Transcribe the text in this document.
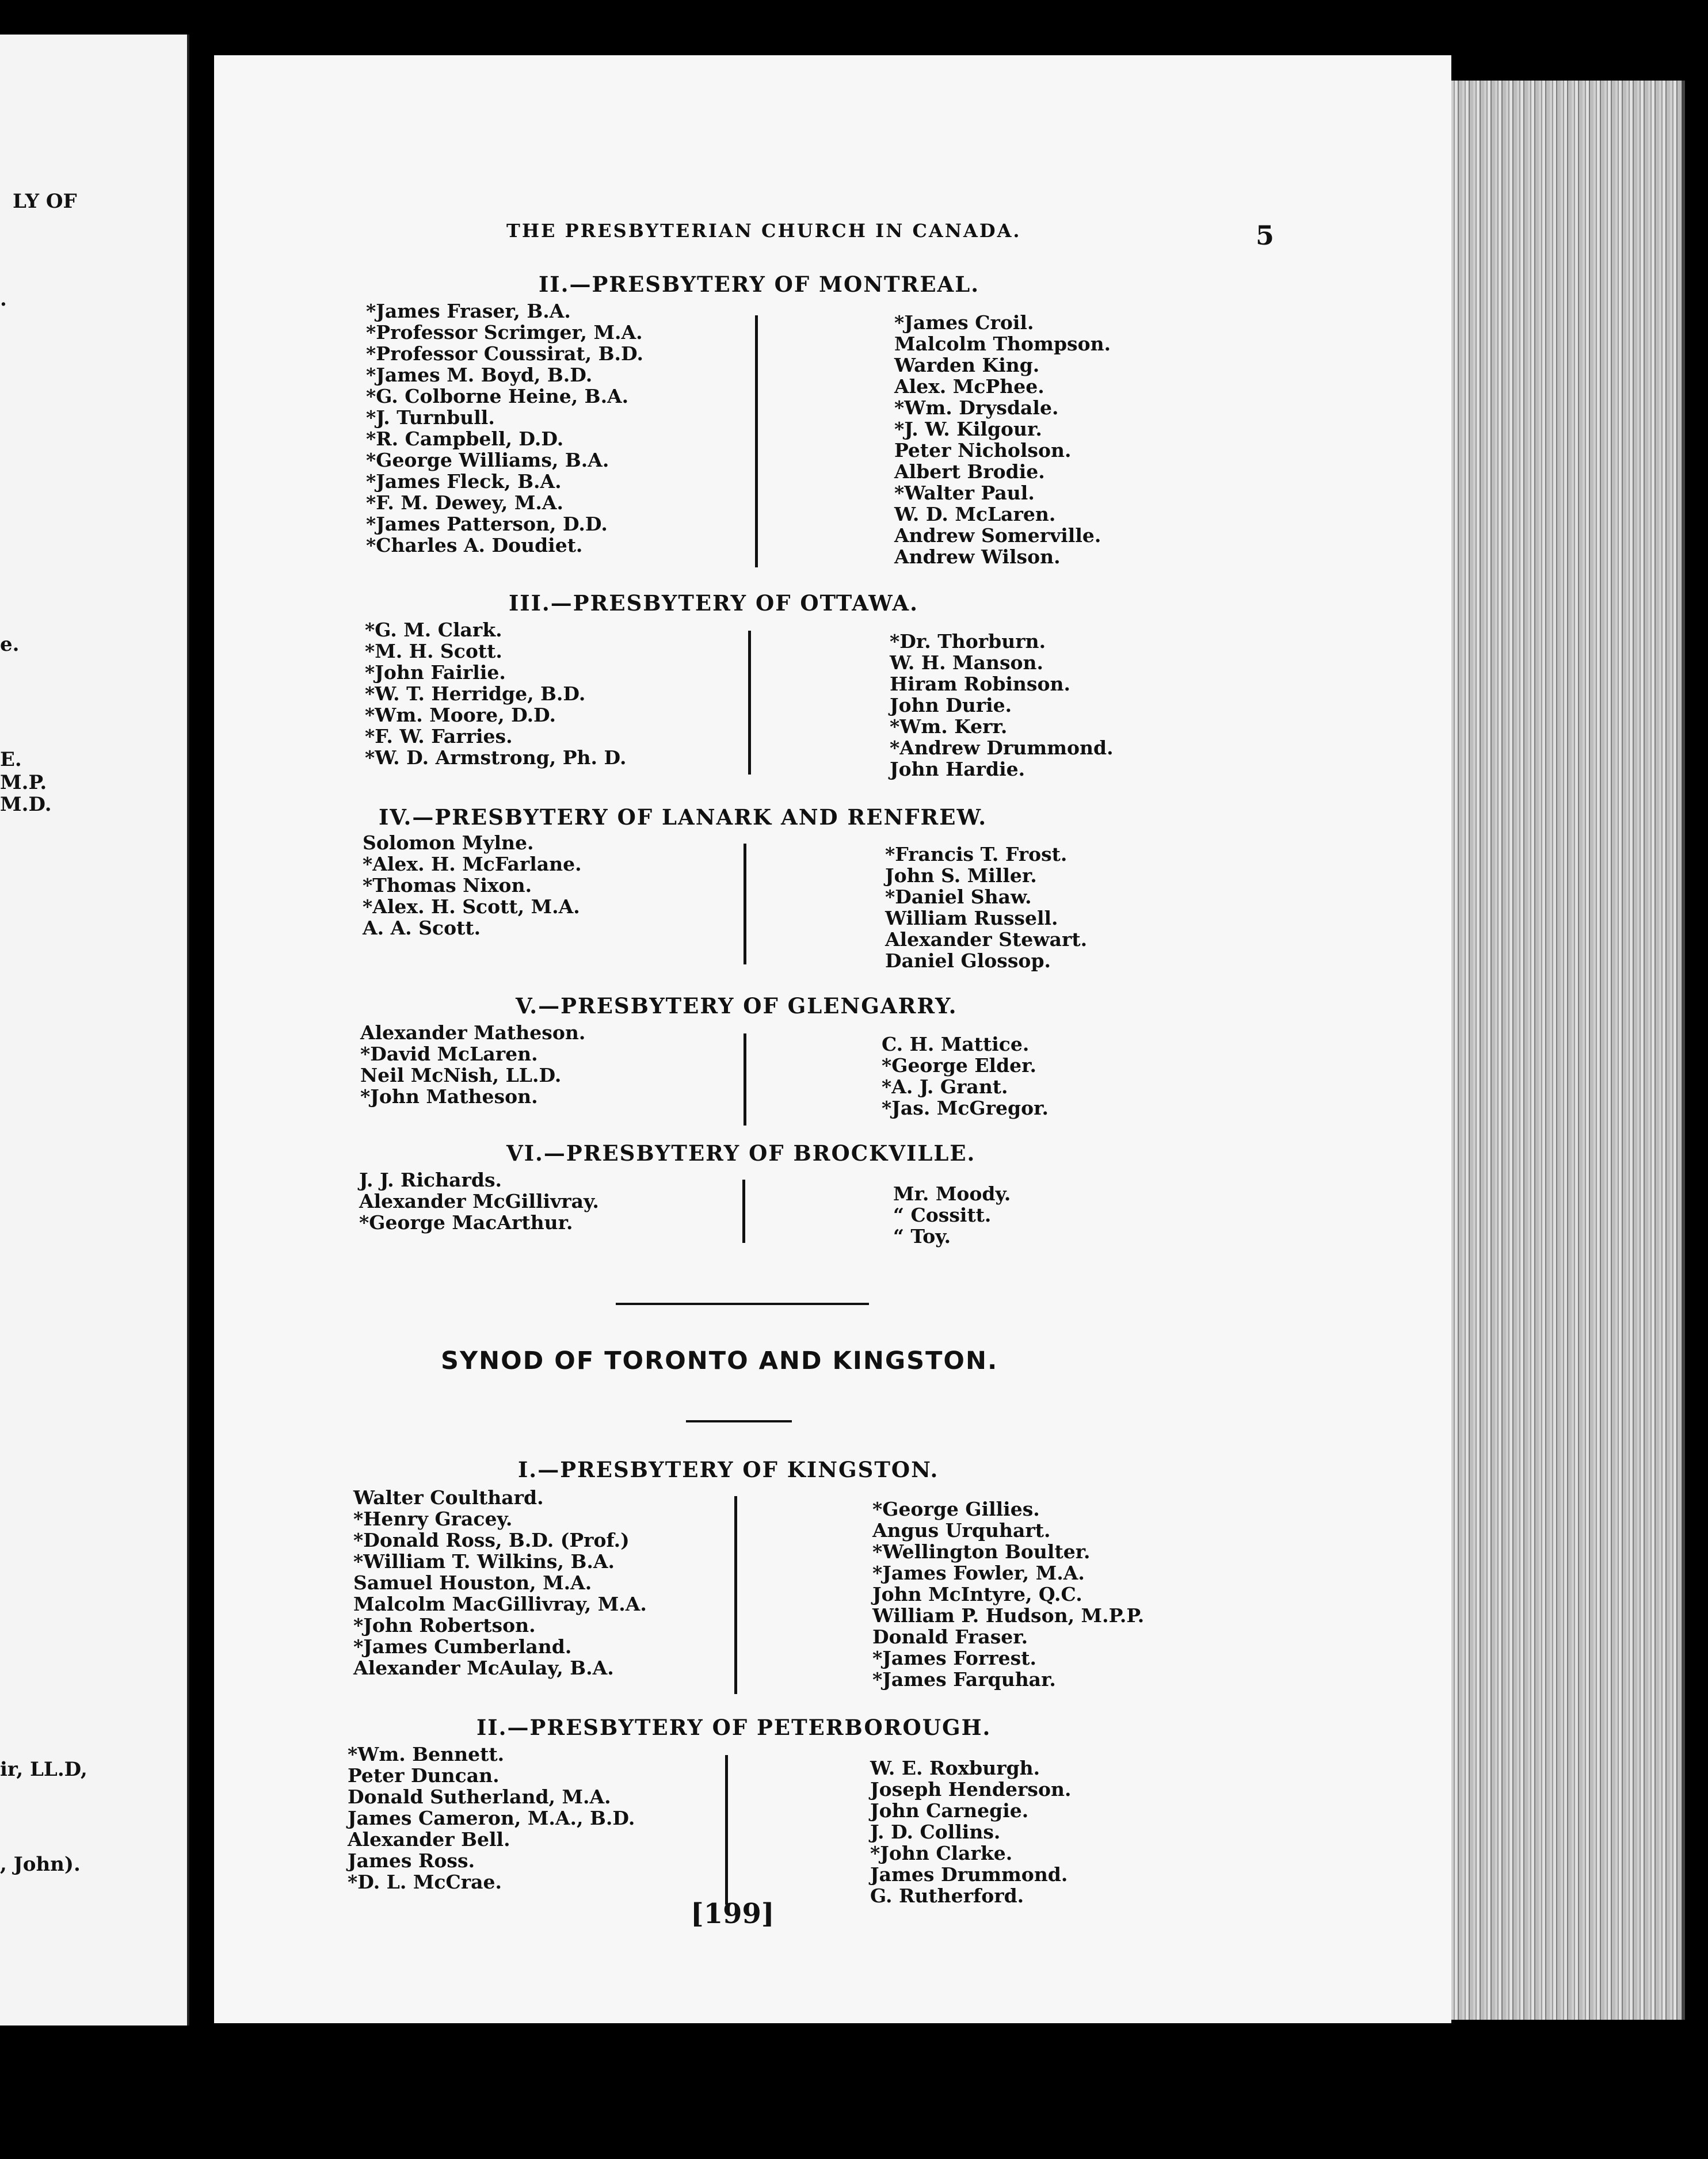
LY OF
.
e.
E.
M.P.
M.D.
ir, LL.D,
, John).
THE PRESBYTERIAN CHURCH IN CANADA.	5
II.—PRESBYTERY OF MONTREAL.
*James Fraser, B.A.
*Professor Scrimger, M.A.
*Professor Coussirat, B.D.
*James M. Boyd, B.D.
*G. Colborne Heine, B.A.
*J. Turnbull.
*R. Campbell, D.D.
*George Williams, B.A.
*James Fleck, B.A.
*F. M. Dewey, M.A.
*James Patterson, D.D.
*Charles A. Doudiet.
*James Croil.
Malcolm Thompson.
Warden King.
Alex. McPhee.
*Wm. Drysdale.
*J. W. Kilgour.
Peter Nicholson.
Albert Brodie.
*Walter Paul.
W. D. McLaren.
Andrew Somerville.
Andrew Wilson.
III.—PRESBYTERY OF OTTAWA.
*G. M. Clark.
*M. H. Scott.
*John Fairlie.
*W. T. Herridge, B.D.
*Wm. Moore, D.D.
*F. W. Farries.
*W. D. Armstrong, Ph. D.
*Dr. Thorburn.
W. H. Manson.
Hiram Robinson.
John Durie.
*Wm. Kerr.
*Andrew Drummond.
John Hardie.
IV.—PRESBYTERY OF LANARK AND RENFREW.
Solomon Mylne.
*Alex. H. McFarlane.
*Thomas Nixon.
*Alex. H. Scott, M.A.
A. A. Scott.
*Francis T. Frost.
John S. Miller.
*Daniel Shaw.
William Russell.
Alexander Stewart.
Daniel Glossop.
V.—PRESBYTERY OF GLENGARRY.
Alexander Matheson.
*David McLaren.
Neil McNish, LL.D.
*John Matheson.
C. H. Mattice.
*George Elder.
*A. J. Grant.
*Jas. McGregor.
VI.—PRESBYTERY OF BROCKVILLE.
J. J. Richards.
Alexander McGillivray.
*George MacArthur.
Mr. Moody.
“ Cossitt.
“ Toy.
SYNOD OF TORONTO AND KINGSTON.
I.—PRESBYTERY OF KINGSTON.
Walter Coulthard.
*Henry Gracey.
*Donald Ross, B.D. (Prof.)
*William T. Wilkins, B.A.
Samuel Houston, M.A.
Malcolm MacGillivray, M.A.
*John Robertson.
*James Cumberland.
Alexander McAulay, B.A.
*George Gillies.
Angus Urquhart.
*Wellington Boulter.
*James Fowler, M.A.
John McIntyre, Q.C.
William P. Hudson, M.P.P.
Donald Fraser.
*James Forrest.
*James Farquhar.
II.—PRESBYTERY OF PETERBOROUGH.
*Wm. Bennett.
Peter Duncan.
Donald Sutherland, M.A.
James Cameron, M.A., B.D.
Alexander Bell.
James Ross.
*D. L. McCrae.
W. E. Roxburgh.
Joseph Henderson.
John Carnegie.
J. D. Collins.
*John Clarke.
James Drummond.
G. Rutherford.
[199]
